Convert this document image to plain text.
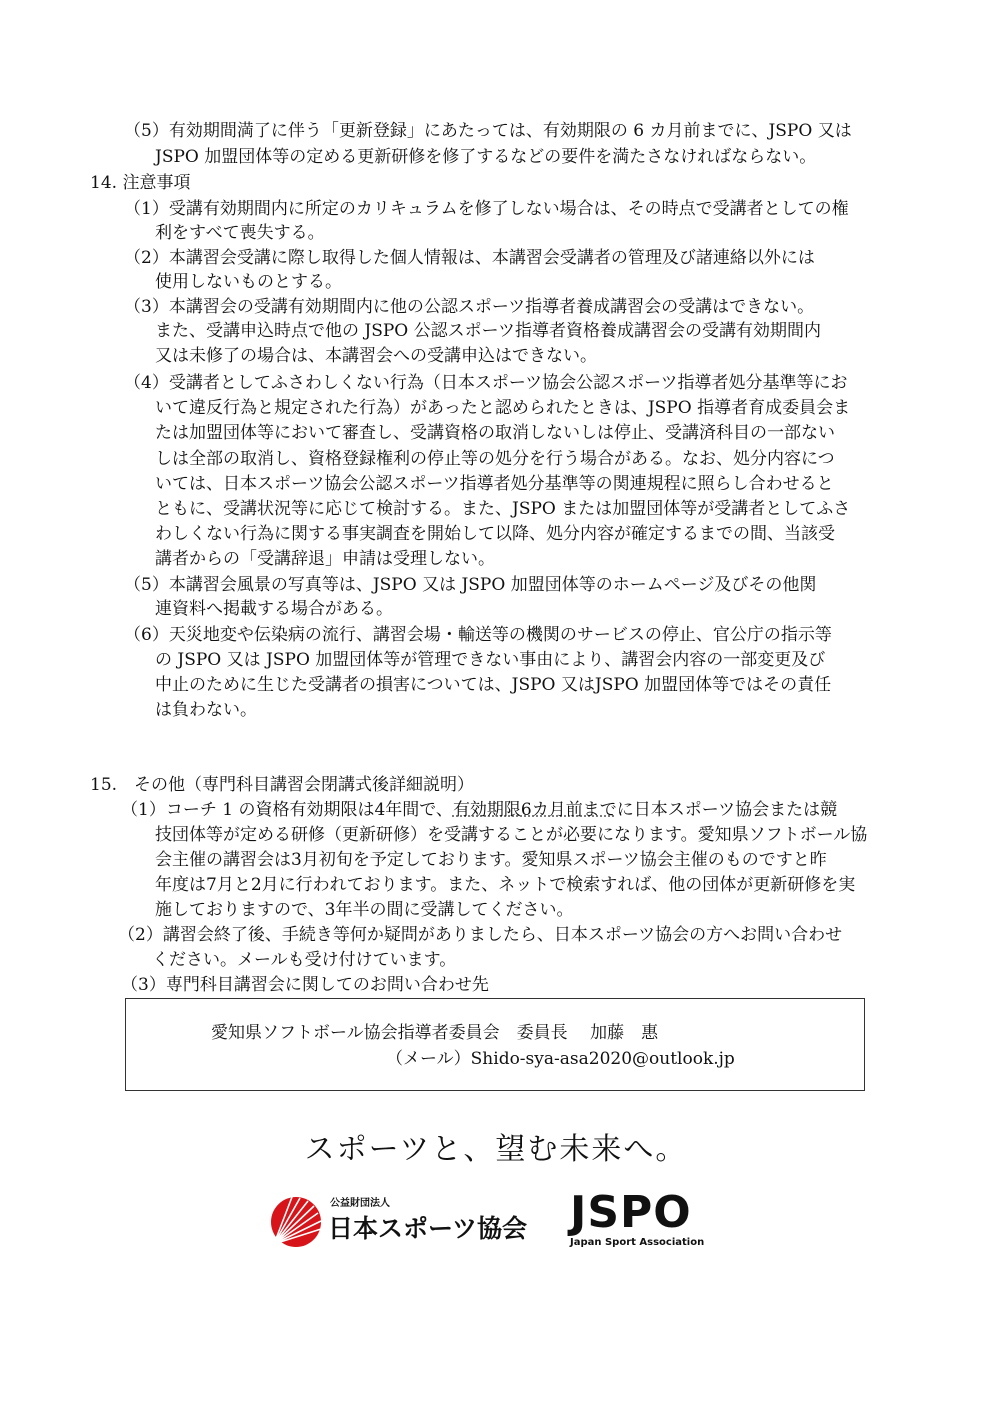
（5） 有効期間満了に伴う「更新登録」にあたっては、有効期限の 6 カ月前までに、JSPO 又は
JSPO 加盟団体等の定める更新研修を修了するなどの要件を満たさなければならない。
14. 注意事項
（1） 受講有効期間内に所定のカリキュラムを修了しない場合は、その時点で受講者としての権
利をすべて喪失する。
（2） 本講習会受講に際し取得した個人情報は、本講習会受講者の管理及び諸連絡以外には
使用しないものとする。
（3） 本講習会の受講有効期間内に他の公認スポーツ指導者養成講習会の受講はできない。
また、受講申込時点で他の JSPO 公認スポーツ指導者資格養成講習会の受講有効期間内
又は未修了の場合は、本講習会への受講申込はできない。
（4） 受講者としてふさわしくない行為（日本スポーツ協会公認スポーツ指導者処分基準等にお
いて違反行為と規定された行為）があったと認められたときは、JSPO 指導者育成委員会ま
たは加盟団体等において審査し、受講資格の取消しないしは停止、受講済科目の一部ない
しは全部の取消し、資格登録権利の停止等の処分を行う場合がある。なお、処分内容につ
いては、日本スポーツ協会公認スポーツ指導者処分基準等の関連規程に照らし合わせると
ともに、受講状況等に応じて検討する。また、JSPO または加盟団体等が受講者としてふさ
わしくない行為に関する事実調査を開始して以降、処分内容が確定するまでの間、当該受
講者からの「受講辞退」申請は受理しない。
（5） 本講習会風景の写真等は、JSPO 又は JSPO 加盟団体等のホームページ及びその他関
連資料へ掲載する場合がある。
（6） 天災地変や伝染病の流行、講習会場・輸送等の機関のサービスの停止、官公庁の指示等
の JSPO 又は JSPO 加盟団体等が管理できない事由により、講習会内容の一部変更及び
中止のために生じた受講者の損害については、JSPO 又はJSPO 加盟団体等ではその責任
は負わない。
15.　その他（専門科目講習会閉講式後詳細説明）
（1） コーチ 1 の資格有効期限は4年間で、有効期限6カ月前までに日本スポーツ協会または競
技団体等が定める研修（更新研修）を受講することが必要になります。愛知県ソフトボール協
会主催の講習会は3月初旬を予定しております。愛知県スポーツ協会主催のものですと昨
年度は7月と2月に行われております。また、ネットで検索すれば、他の団体が更新研修を実
施しておりますので、3年半の間に受講してください。
（2） 講習会終了後、手続き等何か疑問がありましたら、日本スポーツ協会の方へお問い合わせ
ください。メールも受け付けています。
（3） 専門科目講習会に関してのお問い合わせ先
愛知県ソフトボール協会指導者委員会　委員長　 加藤　惠
（メール）Shido-sya-asa2020@outlook.jp
スポーツと、望む未来へ。
公益財団法人
日本スポーツ協会 JSPO
Japan Sport Association
